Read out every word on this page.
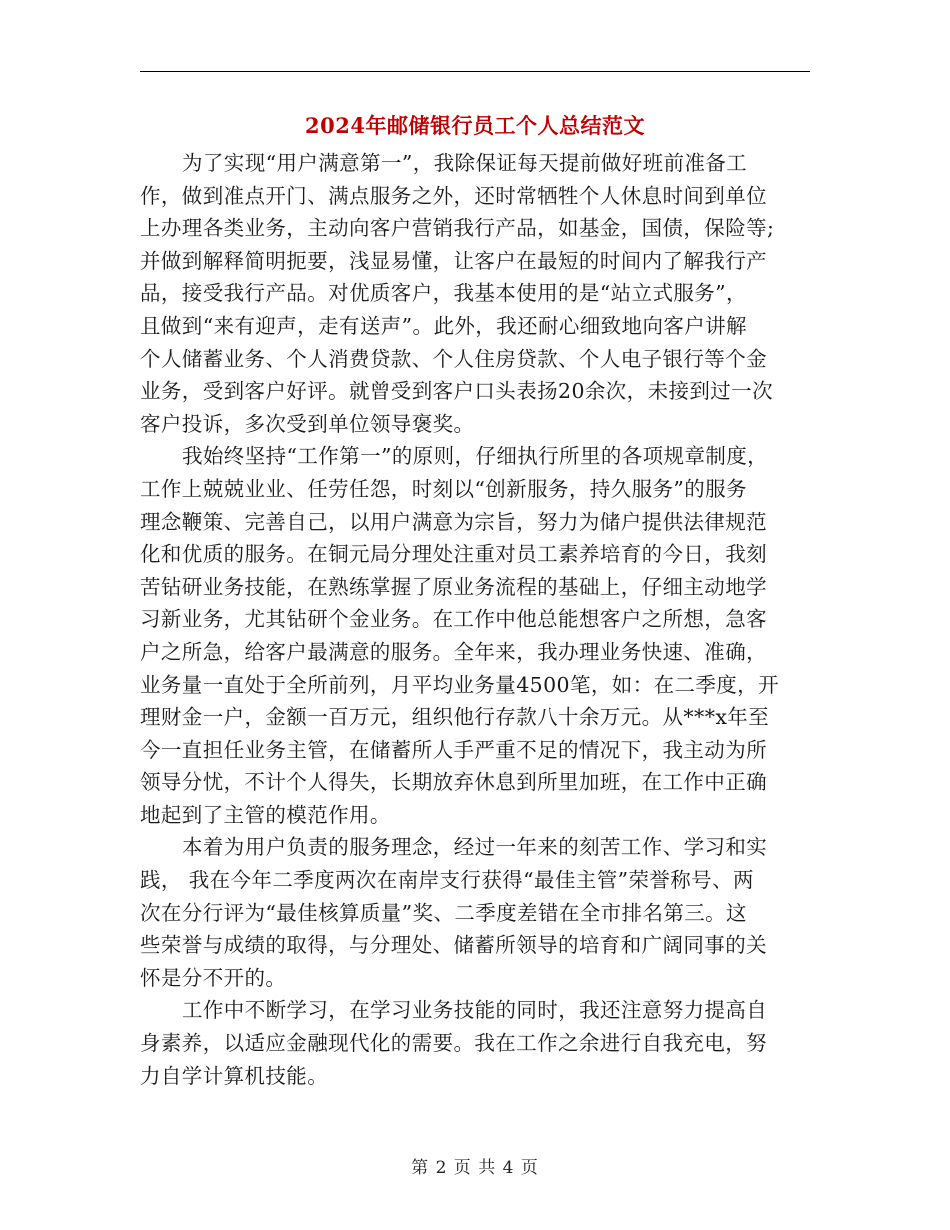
2024年邮储银行员工个人总结范文

为了实现“用户满意第一”，我除保证每天提前做好班前准备工
作，做到准点开门、满点服务之外，还时常牺牲个人休息时间到单位
上办理各类业务，主动向客户营销我行产品，如基金，国债，保险等;
并做到解释简明扼要，浅显易懂，让客户在最短的时间内了解我行产
品，接受我行产品。对优质客户，我基本使用的是“站立式服务”，
且做到“来有迎声，走有送声”。此外，我还耐心细致地向客户讲解
个人储蓄业务、个人消费贷款、个人住房贷款、个人电子银行等个金
业务，受到客户好评。就曾受到客户口头表扬20余次，未接到过一次
客户投诉，多次受到单位领导褒奖。

我始终坚持“工作第一”的原则，仔细执行所里的各项规章制度，
工作上兢兢业业、任劳任怨，时刻以“创新服务，持久服务”的服务
理念鞭策、完善自己，以用户满意为宗旨，努力为储户提供法律规范
化和优质的服务。在铜元局分理处注重对员工素养培育的今日，我刻
苦钻研业务技能，在熟练掌握了原业务流程的基础上，仔细主动地学
习新业务，尤其钻研个金业务。在工作中他总能想客户之所想，急客
户之所急，给客户最满意的服务。全年来，我办理业务快速、准确，
业务量一直处于全所前列，月平均业务量4500笔，如：在二季度，开
理财金一户，金额一百万元，组织他行存款八十余万元。从***x年至
今一直担任业务主管，在储蓄所人手严重不足的情况下，我主动为所
领导分忧，不计个人得失，长期放弃休息到所里加班，在工作中正确
地起到了主管的模范作用。

本着为用户负责的服务理念，经过一年来的刻苦工作、学习和实
践， 我在今年二季度两次在南岸支行获得“最佳主管”荣誉称号、两
次在分行评为“最佳核算质量”奖、二季度差错在全市排名第三。这
些荣誉与成绩的取得，与分理处、储蓄所领导的培育和广阔同事的关
怀是分不开的。

工作中不断学习，在学习业务技能的同时，我还注意努力提高自
身素养，以适应金融现代化的需要。我在工作之余进行自我充电，努
力自学计算机技能。

第 2 页 共 4 页
